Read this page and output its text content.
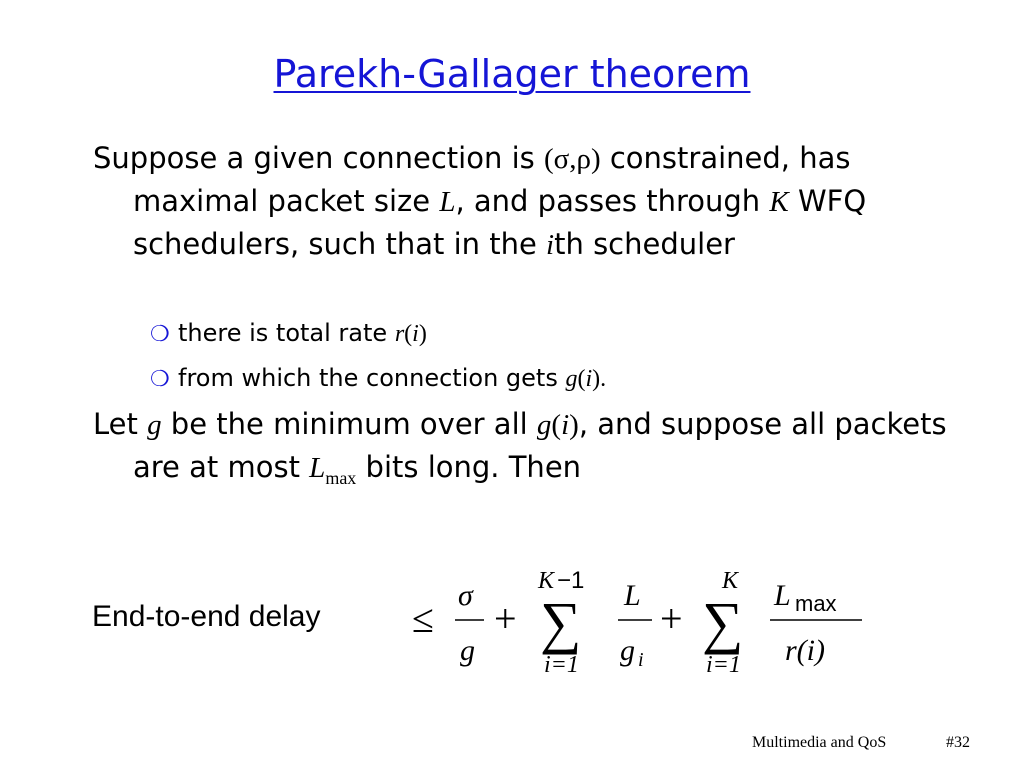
Parekh-Gallager theorem
Suppose a given connection is (σ,ρ) constrained, has maximal packet size L, and passes through K WFQ schedulers, such that in the ith scheduler
❍ there is total rate r(i)
❍ from which the connection gets g(i).
Let g be the minimum over all g(i), and suppose all packets are at most $L_{max}$ bits long. Then
End-to-end delay ≤
σ
g
+
K −1
∑
i=1
L
g i
+
K
∑
i=1
L max
r(i)
Multimedia and QoS	#32
